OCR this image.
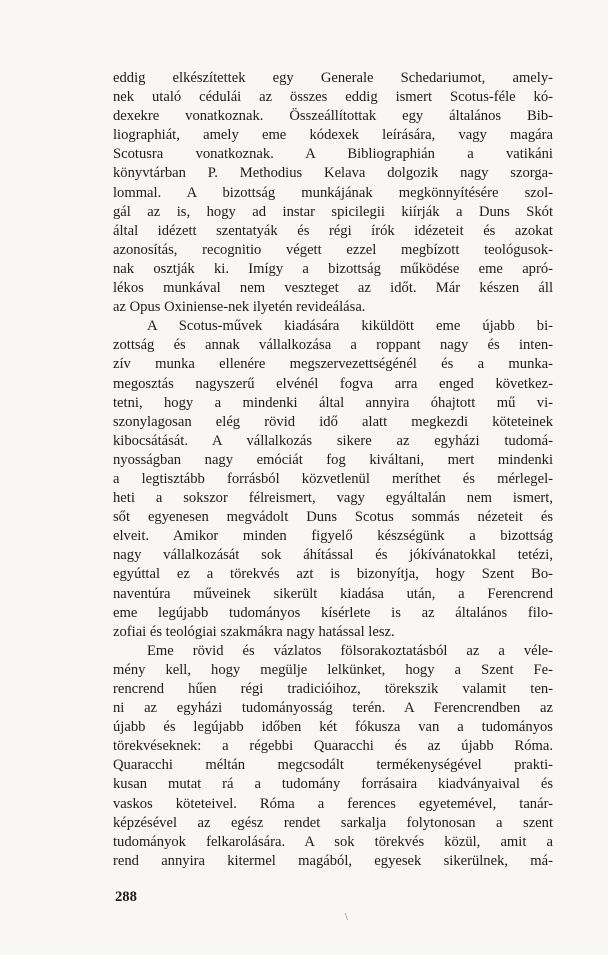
eddig elkészítettek egy Generale Schedariumot, amely-
nek utaló cédulái az összes eddig ismert Scotus-féle kó-
dexekre vonatkoznak. Összeállítottak egy általános Bib-
liographiát, amely eme kódexek leírására, vagy magára
Scotusra vonatkoznak. A Bibliographián a vatikáni
könyvtárban P. Methodius Kelava dolgozik nagy szorga-
lommal. A bizottság munkájának megkönnyítésére szol-
gál az is, hogy ad instar spicilegii kiírják a Duns Skót
által idézett szentatyák és régi írók idézeteit és azokat
azonosítás, recognitio végett ezzel megbízott teológusok-
nak osztják ki. Imígy a bizottság működése eme apró-
lékos munkával nem veszteget az időt. Már készen áll
az Opus Oxiniense-nek ilyetén revideálása.
A Scotus-művek kiadására kiküldött eme újabb bi-
zottság és annak vállalkozása a roppant nagy és inten-
zív munka ellenére megszervezettségénél és a munka-
megosztás nagyszerű elvénél fogva arra enged következ-
tetni, hogy a mindenki által annyira óhajtott mű vi-
szonylagosan elég rövid idő alatt megkezdi köteteinek
kibocsátását. A vállalkozás sikere az egyházi tudomá-
nyosságban nagy emóciát fog kiváltani, mert mindenki
a legtisztább forrásból közvetlenül meríthet és mérlegel-
heti a sokszor félreismert, vagy egyáltalán nem ismert,
sőt egyenesen megvádolt Duns Scotus sommás nézeteit és
elveit. Amikor minden figyelő készségünk a bizottság
nagy vállalkozását sok áhítással és jókívánatokkal tetézi,
egyúttal ez a törekvés azt is bizonyítja, hogy Szent Bo-
naventúra műveinek sikerült kiadása után, a Ferencrend
eme legújabb tudományos kísérlete is az általános filo-
zofiai és teológiai szakmákra nagy hatással lesz.
Eme rövid és vázlatos fölsorakoztatásból az a véle-
mény kell, hogy megülje lelkünket, hogy a Szent Fe-
rencrend hűen régi tradicióihoz, törekszik valamit ten-
ni az egyházi tudományosság terén. A Ferencrendben az
újabb és legújabb időben két fókusza van a tudományos
törekvéseknek: a régebbi Quaracchi és az újabb Róma.
Quaracchi méltán megcsodált termékenységével prakti-
kusan mutat rá a tudomány forrásaira kiadványaival és
vaskos köteteivel. Róma a ferences egyetemével, tanár-
képzésével az egész rendet sarkalja folytonosan a szent
tudományok felkarolására. A sok törekvés közül, amit a
rend annyira kitermel magából, egyesek sikerülnek, má-
288
\
